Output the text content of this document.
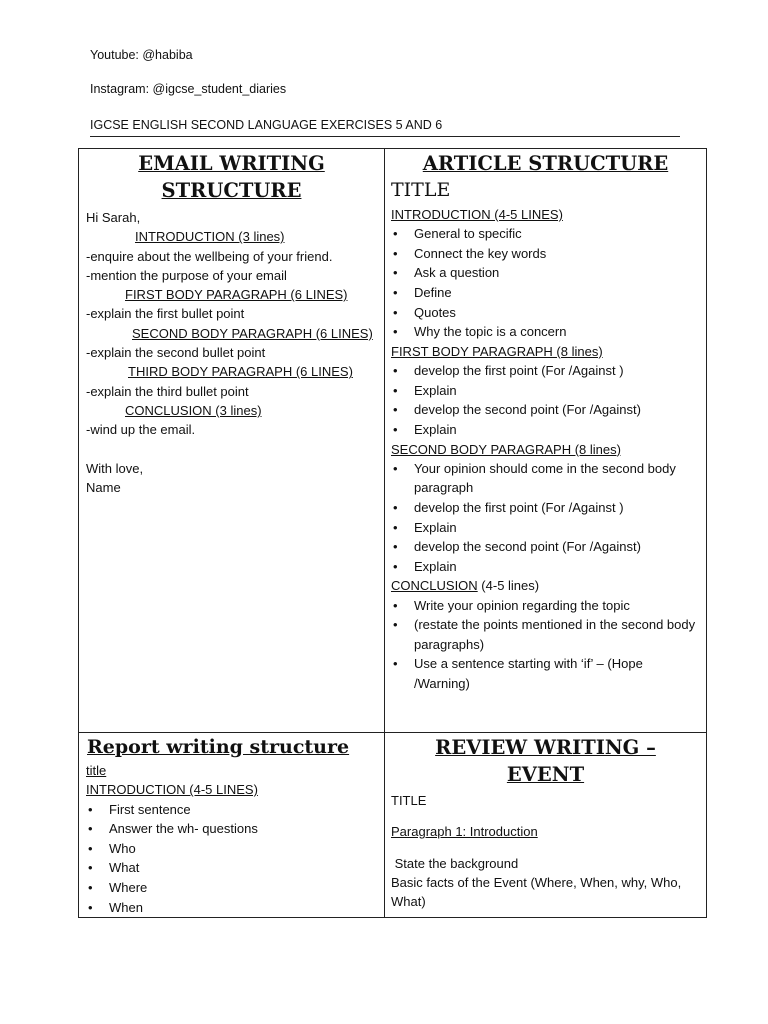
Youtube: @habiba
Instagram: @igcse_student_diaries
IGCSE ENGLISH SECOND LANGUAGE EXERCISES 5 AND 6
EMAIL WRITING
STRUCTURE
Hi Sarah,
INTRODUCTION (3 lines)
-enquire about the wellbeing of your friend.
-mention the purpose of your email
FIRST BODY PARAGRAPH (6 LINES)
-explain the first bullet point
SECOND BODY PARAGRAPH (6 LINES)
-explain the second bullet point
THIRD BODY PARAGRAPH (6 LINES)
-explain the third bullet point
CONCLUSION (3 lines)
-wind up the email.
With love,
Name
ARTICLE STRUCTURE
TITLE
INTRODUCTION (4-5 LINES)
• General to specific
• Connect the key words
• Ask a question
• Define
• Quotes
• Why the topic is a concern
FIRST BODY PARAGRAPH (8 lines)
• develop the first point (For /Against )
• Explain
• develop the second point (For /Against)
• Explain
SECOND BODY PARAGRAPH (8 lines)
• Your opinion should come in the second body paragraph
• develop the first point (For /Against )
• Explain
• develop the second point (For /Against)
• Explain
CONCLUSION (4-5 lines)
• Write your opinion regarding the topic
• (restate the points mentioned in the second body paragraphs)
• Use a sentence starting with ‘if’ – (Hope /Warning)
Report writing structure
title
INTRODUCTION (4-5 LINES)
• First sentence
• Answer the wh- questions
• Who
• What
• Where
• When
REVIEW WRITING –
EVENT
TITLE
Paragraph 1: Introduction
State the background
Basic facts of the Event (Where, When, why, Who, What)
